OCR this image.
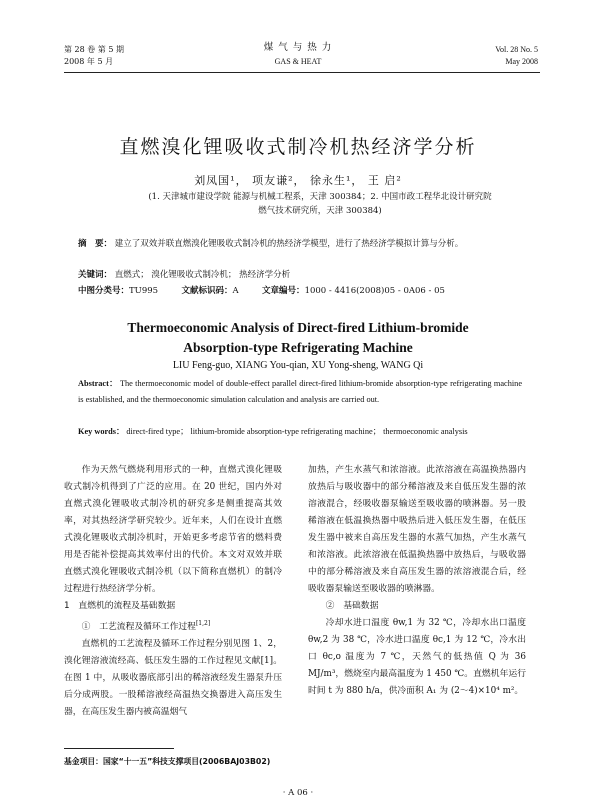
第 28 卷 第 5 期
2008 年 5 月
煤 气 与 热 力
GAS & HEAT
Vol. 28 No. 5
May 2008
直燃溴化锂吸收式制冷机热经济学分析
刘凤国¹， 项友谦²， 徐永生¹， 王 启²
(1. 天津城市建设学院 能源与机械工程系，天津 300384；2. 中国市政工程华北设计研究院
燃气技术研究所，天津 300384)
摘　要： 建立了双效并联直燃溴化锂吸收式制冷机的热经济学模型，进行了热经济学模拟计算与分析。
关键词： 直燃式； 溴化锂吸收式制冷机； 热经济学分析
中图分类号：TU995	文献标识码：A	文章编号：1000 - 4416(2008)05 - 0A06 - 05
Thermoeconomic Analysis of Direct-fired Lithium-bromide
Absorption-type Refrigerating Machine
LIU Feng-guo, XIANG You-qian, XU Yong-sheng, WANG Qi
Abstract： The thermoeconomic model of double-effect parallel direct-fired lithium-bromide absorption-type refrigerating machine is established, and the thermoeconomic simulation calculation and analysis are carried out.
Key words： direct-fired type； lithium-bromide absorption-type refrigerating machine； thermoeconomic analysis

作为天然气燃烧利用形式的一种，直燃式溴化锂吸收式制冷机得到了广泛的应用。在 20 世纪，国内外对直燃式溴化锂吸收式制冷机的研究多是侧重提高其效率，对其热经济学研究较少。近年来，人们在设计直燃式溴化锂吸收式制冷机时，开始更多考虑节省的燃料费用是否能补偿提高其效率付出的代价。本文对双效并联直燃式溴化锂吸收式制冷机（以下简称直燃机）的制冷过程进行热经济学分析。

1　直燃机的流程及基础数据

①　工艺流程及循环工作过程[1,2]

直燃机的工艺流程及循环工作过程分别见图 1、2，溴化锂溶液流经高、低压发生器的工作过程见文献[1]。在图 1 中，从吸收器底部引出的稀溶液经发生器泵升压后分成两股。一股稀溶液经高温热交换器进入高压发生器，在高压发生器内被高温烟气

加热，产生水蒸气和浓溶液。此浓溶液在高温换热器内放热后与吸收器中的部分稀溶液及来自低压发生器的浓溶液混合，经吸收器泵输送至吸收器的喷淋器。另一股稀溶液在低温换热器中吸热后进入低压发生器，在低压发生器中被来自高压发生器的水蒸气加热，产生水蒸气和浓溶液。此浓溶液在低温换热器中放热后，与吸收器中的部分稀溶液及来自高压发生器的浓溶液混合后，经吸收器泵输送至吸收器的喷淋器。

②　基础数据

冷却水进口温度 θw,1 为 32 ℃，冷却水出口温度 θw,2 为 38 ℃，冷水进口温度 θc,1 为 12 ℃，冷水出口 θc,o 温度为 7 ℃，天然气的低热值 Q 为 36 MJ/m³，燃烧室内最高温度为 1 450 ℃。直燃机年运行时间 t 为 880 h/a，供冷面积 A₁ 为 (2～4)×10⁴ m²。

基金项目：国家“十一五”科技支撑项目(2006BAJ03B02)
· A 06 ·
